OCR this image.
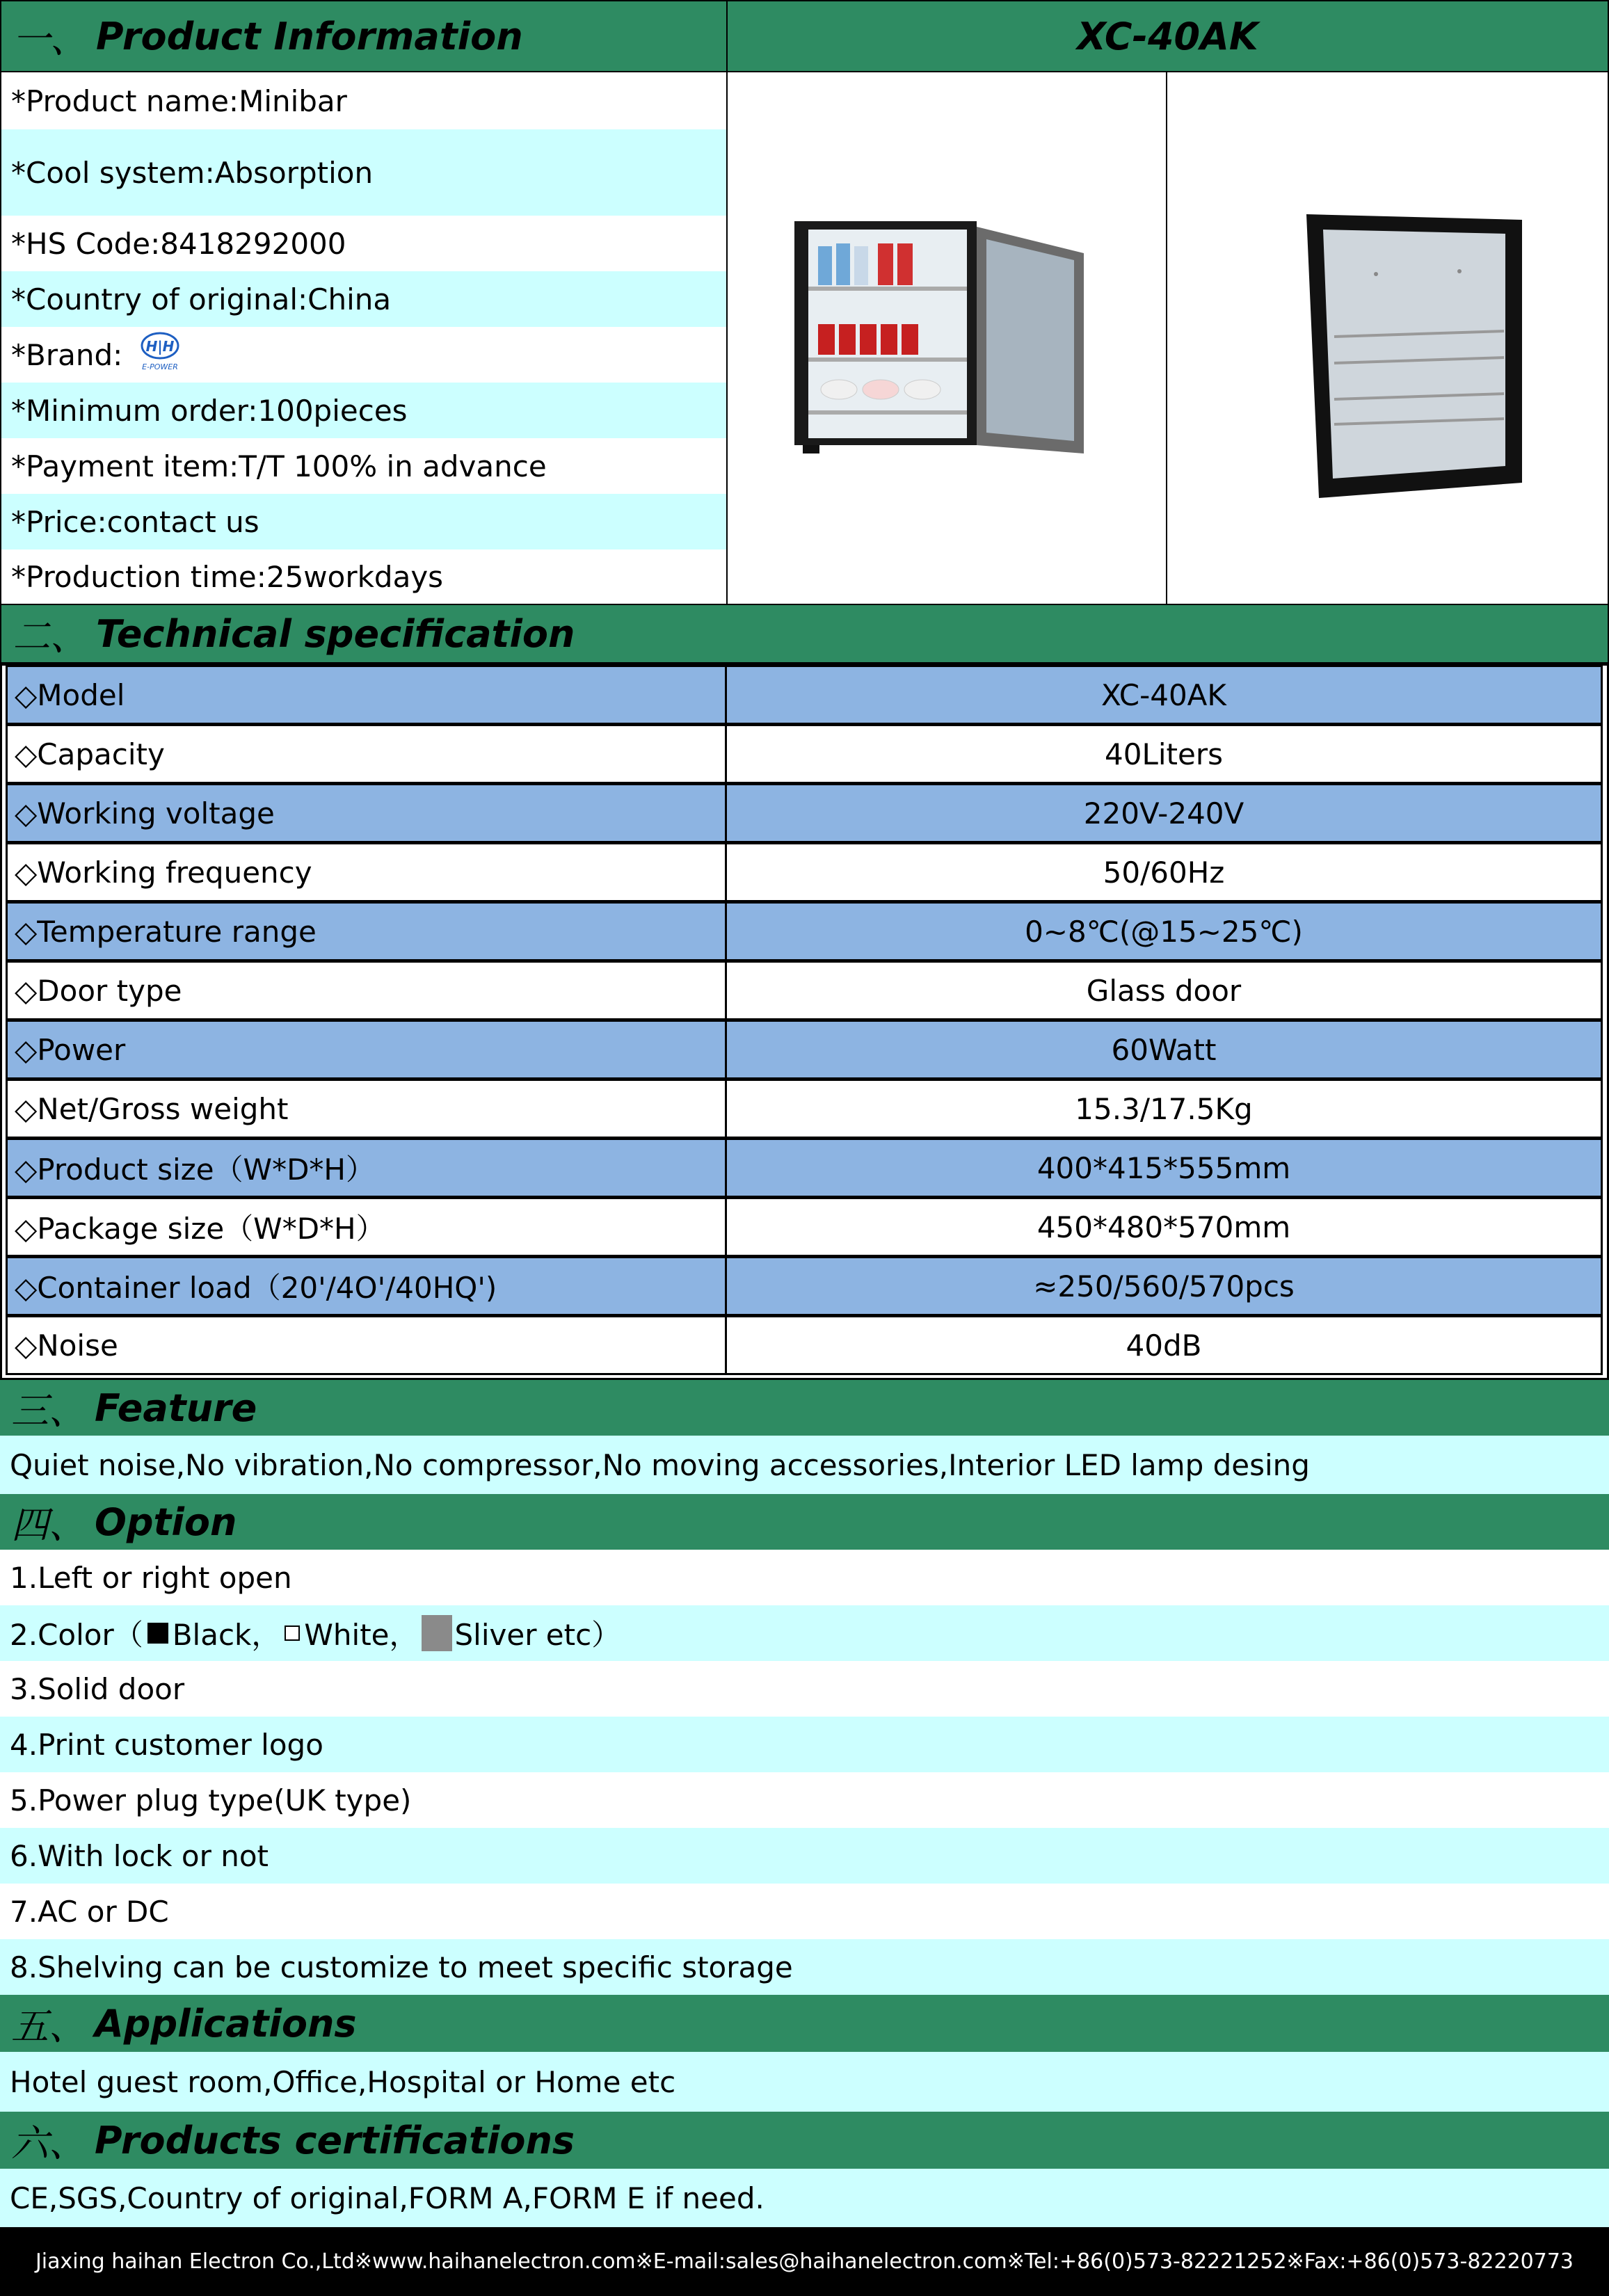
一、 Product Information	XC-40AK
*Product name:Minibar
*Cool system:Absorption
*HS Code:8418292000
*Country of original:China
*Brand: H|H
E-POWER
*Minimum order:100pieces
*Payment item:T/T 100% in advance
*Price:contact us
*Production time:25workdays
二、 Technical specification
◇Model	XC-40AK
◇Capacity	40Liters
◇Working voltage	220V-240V
◇Working frequency	50/60Hz
◇Temperature range	0~8℃(@15~25℃)
◇Door type	Glass door
◇Power	60Watt
◇Net/Gross weight	15.3/17.5Kg
◇Product size（W*D*H）	400*415*555mm
◇Package size（W*D*H）	450*480*570mm
◇Container load（20'/4O'/40HQ')	≈250/560/570pcs
◇Noise	40dB
三、 Feature
Quiet noise,No vibration,No compressor,No moving accessories,Interior LED lamp desing
四、 Option
1.Left or right open
2.Color（ Black， White， Sliver etc）
3.Solid door
4.Print customer logo
5.Power plug type(UK type)
6.With lock or not
7.AC or DC
8.Shelving can be customize to meet specific storage
五、 Applications
Hotel guest room,Office,Hospital or Home etc
六、 Products certifications
CE,SGS,Country of original,FORM A,FORM E if need.
Jiaxing haihan Electron Co.,Ltd※www.haihanelectron.com※E-mail:sales@haihanelectron.com※Tel:+86(0)573-82221252※Fax:+86(0)573-82220773
